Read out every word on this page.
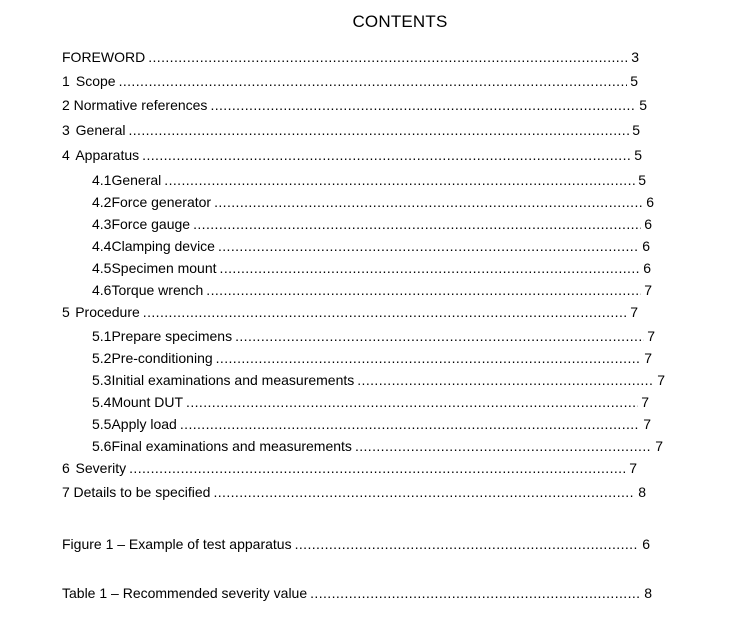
CONTENTS
FOREWORD .....	3
1 Scope .....	5
2 Normative references .....	5
3 General .....	5
4 Apparatus .....	5
4.1 General .....	5
4.2 Force generator .....	6
4.3 Force gauge .....	6
4.4 Clamping device .....	6
4.5 Specimen mount .....	6
4.6 Torque wrench .....	7
5 Procedure .....	7
5.1 Prepare specimens .....	7
5.2 Pre-conditioning .....	7
5.3 Initial examinations and measurements .....	7
5.4 Mount DUT .....	7
5.5 Apply load .....	7
5.6 Final examinations and measurements .....	7
6 Severity .....	7
7 Details to be specified .....	8
Figure 1 – Example of test apparatus .....	6
Table 1 – Recommended severity value .....	8
